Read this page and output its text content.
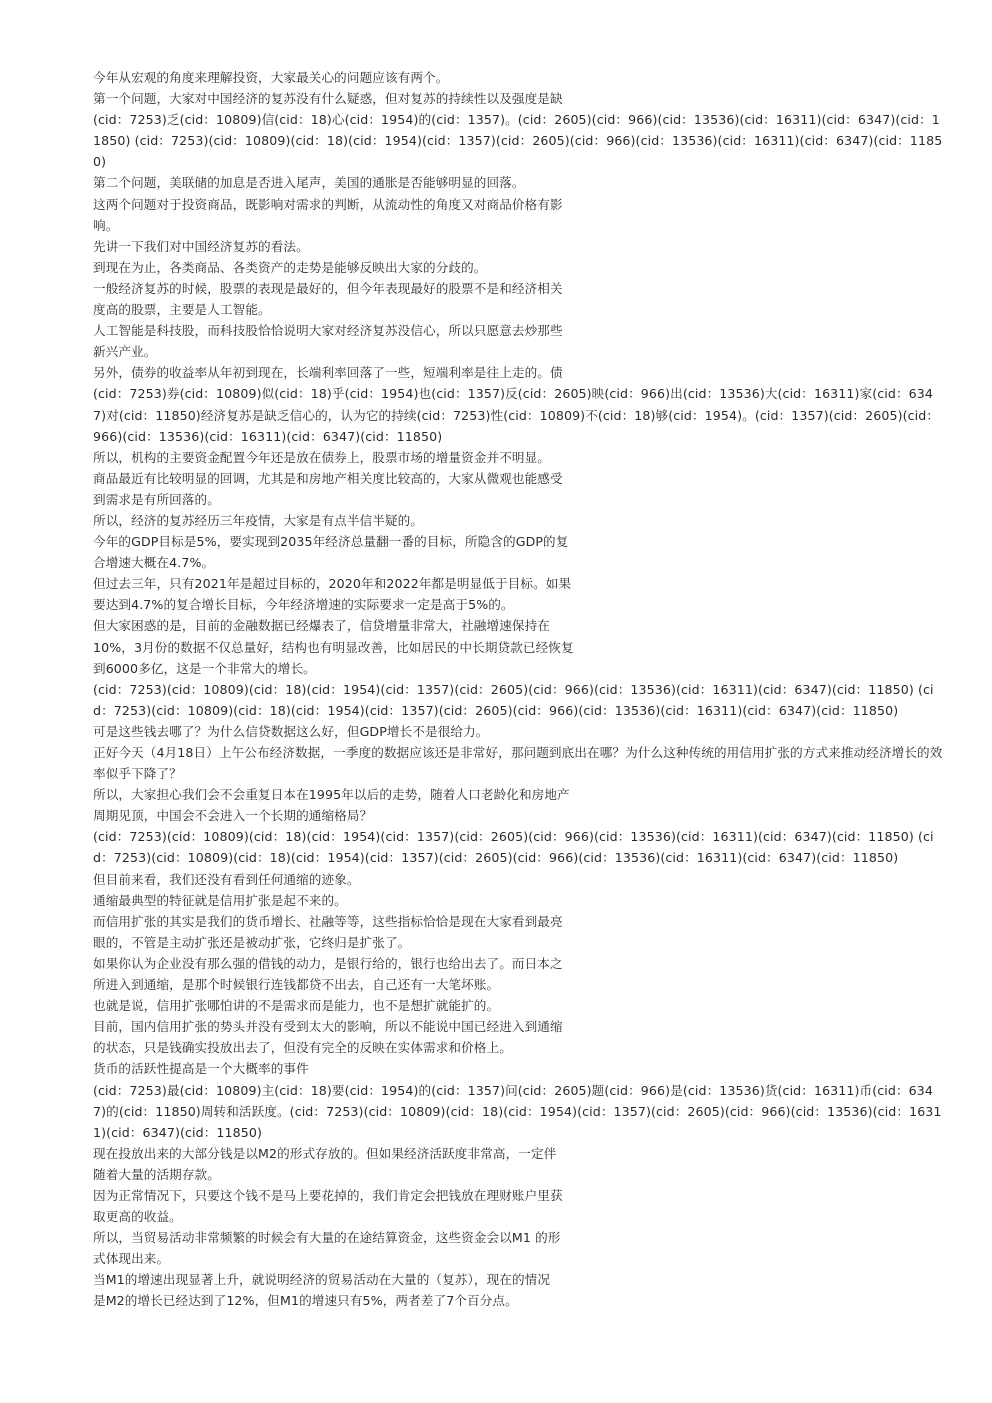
今年从宏观的角度来理解投资，大家最关心的问题应该有两个。

第一个问题，大家对中国经济的复苏没有什么疑惑，但对复苏的持续性以及强度是缺

(cid：7253)乏(cid：10809)信(cid：18)心(cid：1954)的(cid：1357)。(cid：2605)(cid：966)(cid：13536)(cid：16311)(cid：6347)(cid：11850) (cid：7253)(cid：10809)(cid：18)(cid：1954)(cid：1357)(cid：2605)(cid：966)(cid：13536)(cid：16311)(cid：6347)(cid：11850)

第二个问题，美联储的加息是否进入尾声，美国的通胀是否能够明显的回落。

这两个问题对于投资商品，既影响对需求的判断，从流动性的角度又对商品价格有影

响。

先讲一下我们对中国经济复苏的看法。

到现在为止，各类商品、各类资产的走势是能够反映出大家的分歧的。

一般经济复苏的时候，股票的表现是最好的，但今年表现最好的股票不是和经济相关

度高的股票，主要是人工智能。

人工智能是科技股，而科技股恰恰说明大家对经济复苏没信心，所以只愿意去炒那些

新兴产业。

另外，债券的收益率从年初到现在，长端利率回落了一些，短端利率是往上走的。债

(cid：7253)券(cid：10809)似(cid：18)乎(cid：1954)也(cid：1357)反(cid：2605)映(cid：966)出(cid：13536)大(cid：16311)家(cid：6347)对(cid：11850)经济复苏是缺乏信心的，认为它的持续(cid：7253)性(cid：10809)不(cid：18)够(cid：1954)。(cid：1357)(cid：2605)(cid：966)(cid：13536)(cid：16311)(cid：6347)(cid：11850)

所以，机构的主要资金配置今年还是放在债券上，股票市场的增量资金并不明显。

商品最近有比较明显的回调，尤其是和房地产相关度比较高的，大家从微观也能感受

到需求是有所回落的。

所以，经济的复苏经历三年疫情，大家是有点半信半疑的。

今年的GDP目标是5%，要实现到2035年经济总量翻一番的目标，所隐含的GDP的复

合增速大概在4.7%。

但过去三年，只有2021年是超过目标的，2020年和2022年都是明显低于目标。如果

要达到4.7%的复合增长目标，今年经济增速的实际要求一定是高于5%的。

但大家困惑的是，目前的金融数据已经爆表了，信贷增量非常大，社融增速保持在

10%，3月份的数据不仅总量好，结构也有明显改善，比如居民的中长期贷款已经恢复

到6000多亿，这是一个非常大的增长。

(cid：7253)(cid：10809)(cid：18)(cid：1954)(cid：1357)(cid：2605)(cid：966)(cid：13536)(cid：16311)(cid：6347)(cid：11850) (cid：7253)(cid：10809)(cid：18)(cid：1954)(cid：1357)(cid：2605)(cid：966)(cid：13536)(cid：16311)(cid：6347)(cid：11850)

可是这些钱去哪了？为什么信贷数据这么好，但GDP增长不是很给力。

正好今天（4月18日）上午公布经济数据，一季度的数据应该还是非常好，那问题到底出在哪？为什么这种传统的用信用扩张的方式来推动经济增长的效率似乎下降了？

所以，大家担心我们会不会重复日本在1995年以后的走势，随着人口老龄化和房地产

周期见顶，中国会不会进入一个长期的通缩格局？

(cid：7253)(cid：10809)(cid：18)(cid：1954)(cid：1357)(cid：2605)(cid：966)(cid：13536)(cid：16311)(cid：6347)(cid：11850) (cid：7253)(cid：10809)(cid：18)(cid：1954)(cid：1357)(cid：2605)(cid：966)(cid：13536)(cid：16311)(cid：6347)(cid：11850)

但目前来看，我们还没有看到任何通缩的迹象。

通缩最典型的特征就是信用扩张是起不来的。

而信用扩张的其实是我们的货币增长、社融等等，这些指标恰恰是现在大家看到最亮

眼的，不管是主动扩张还是被动扩张，它终归是扩张了。

如果你认为企业没有那么强的借钱的动力，是银行给的，银行也给出去了。而日本之

所进入到通缩，是那个时候银行连钱都贷不出去，自己还有一大笔坏账。

也就是说，信用扩张哪怕讲的不是需求而是能力，也不是想扩就能扩的。

目前，国内信用扩张的势头并没有受到太大的影响，所以不能说中国已经进入到通缩

的状态，只是钱确实投放出去了，但没有完全的反映在实体需求和价格上。

货币的活跃性提高是一个大概率的事件

(cid：7253)最(cid：10809)主(cid：18)要(cid：1954)的(cid：1357)问(cid：2605)题(cid：966)是(cid：13536)货(cid：16311)币(cid：6347)的(cid：11850)周转和活跃度。(cid：7253)(cid：10809)(cid：18)(cid：1954)(cid：1357)(cid：2605)(cid：966)(cid：13536)(cid：16311)(cid：6347)(cid：11850)

现在投放出来的大部分钱是以M2的形式存放的。但如果经济活跃度非常高，一定伴

随着大量的活期存款。

因为正常情况下，只要这个钱不是马上要花掉的，我们肯定会把钱放在理财账户里获

取更高的收益。

所以，当贸易活动非常频繁的时候会有大量的在途结算资金，这些资金会以M1 的形

式体现出来。

当M1的增速出现显著上升，就说明经济的贸易活动在大量的（复苏），现在的情况

是M2的增长已经达到了12%，但M1的增速只有5%，两者差了7个百分点。
